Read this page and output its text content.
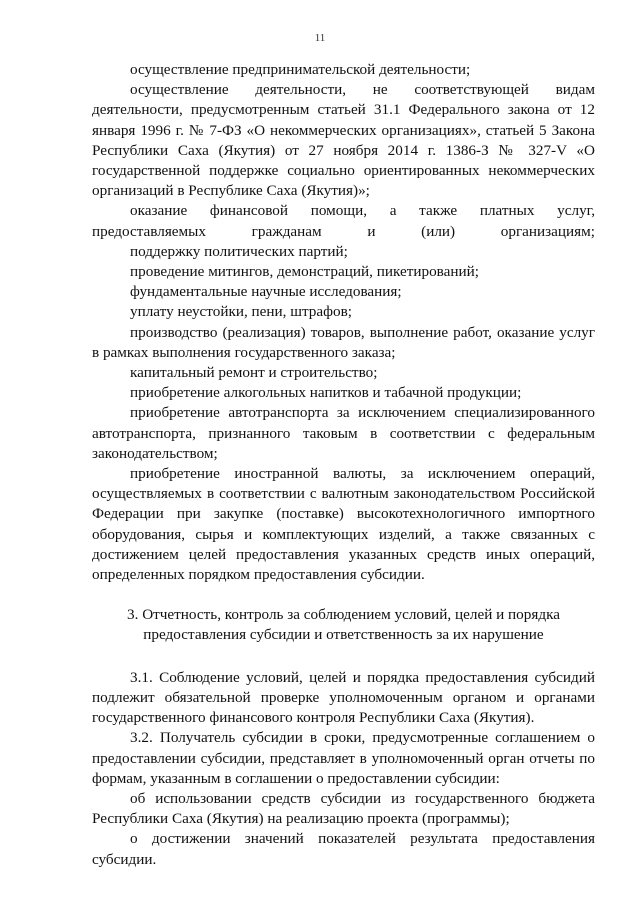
11

осуществление предпринимательской деятельности;

осуществление деятельности, не соответствующей видам деятельности, предусмотренным статьей 31.1 Федерального закона от 12 января 1996 г. № 7-ФЗ «О некоммерческих организациях», статьей 5 Закона Республики Саха (Якутия) от 27 ноября 2014 г. 1386-З № 327-V «О государственной поддержке социально ориентированных некоммерческих организаций в Республике Саха (Якутия)»;

оказание финансовой помощи, а также платных услуг, предоставляемых гражданам и (или) организациям;

поддержку политических партий;

проведение митингов, демонстраций, пикетирований;

фундаментальные научные исследования;

уплату неустойки, пени, штрафов;

производство (реализация) товаров, выполнение работ, оказание услуг в рамках выполнения государственного заказа;

капитальный ремонт и строительство;

приобретение алкогольных напитков и табачной продукции;

приобретение автотранспорта за исключением специализированного автотранспорта, признанного таковым в соответствии с федеральным законодательством;

приобретение иностранной валюты, за исключением операций, осуществляемых в соответствии с валютным законодательством Российской Федерации при закупке (поставке) высокотехнологичного импортного оборудования, сырья и комплектующих изделий, а также связанных с достижением целей предоставления указанных средств иных операций, определенных порядком предоставления субсидии.

3. Отчетность, контроль за соблюдением условий, целей и порядка
предоставления субсидии и ответственность за их нарушение

3.1. Соблюдение условий, целей и порядка предоставления субсидий подлежит обязательной проверке уполномоченным органом и органами государственного финансового контроля Республики Саха (Якутия).

3.2. Получатель субсидии в сроки, предусмотренные соглашением о предоставлении субсидии, представляет в уполномоченный орган отчеты по формам, указанным в соглашении о предоставлении субсидии:

об использовании средств субсидии из государственного бюджета Республики Саха (Якутия) на реализацию проекта (программы);

о достижении значений показателей результата предоставления субсидии.
